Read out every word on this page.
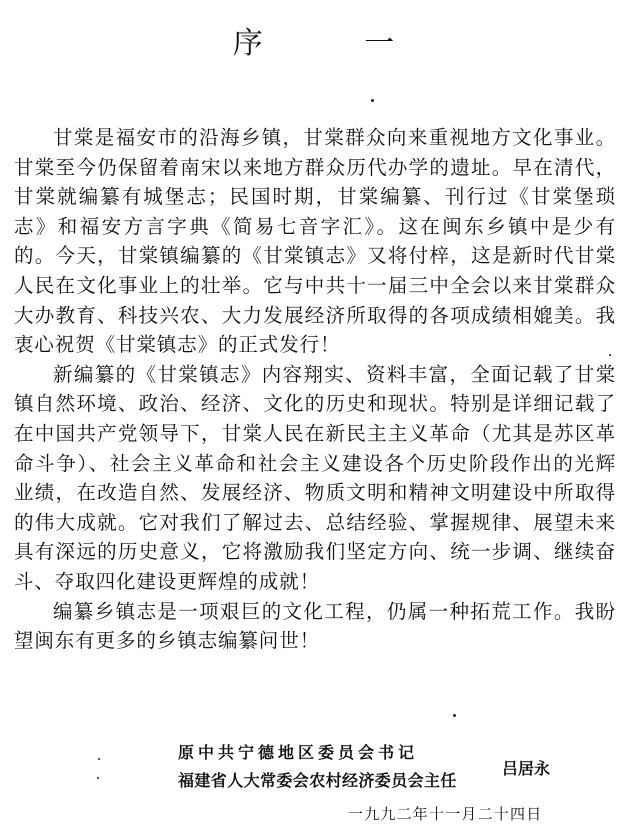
序 一

甘棠是福安市的沿海乡镇，甘棠群众向来重视地方文化事业。甘棠至今仍保留着南宋以来地方群众历代办学的遗址。早在清代，甘棠就编纂有城堡志；民国时期，甘棠编纂、刊行过《甘棠堡琐志》和福安方言字典《简易七音字汇》。这在闽东乡镇中是少有的。今天，甘棠镇编纂的《甘棠镇志》又将付梓，这是新时代甘棠人民在文化事业上的壮举。它与中共十一届三中全会以来甘棠群众大办教育、科技兴农、大力发展经济所取得的各项成绩相媲美。我衷心祝贺《甘棠镇志》的正式发行！

新编纂的《甘棠镇志》内容翔实、资料丰富，全面记载了甘棠镇自然环境、政治、经济、文化的历史和现状。特别是详细记载了在中国共产党领导下，甘棠人民在新民主主义革命（尤其是苏区革命斗争）、社会主义革命和社会主义建设各个历史阶段作出的光辉业绩，在改造自然、发展经济、物质文明和精神文明建设中所取得的伟大成就。它对我们了解过去、总结经验、掌握规律、展望未来具有深远的历史意义，它将激励我们坚定方向、统一步调、继续奋斗、夺取四化建设更辉煌的成就！

编纂乡镇志是一项艰巨的文化工程，仍属一种拓荒工作。我盼望闽东有更多的乡镇志编纂问世！

原中共宁德地区委员会书记
福建省人大常委会农村经济委员会主任
吕居永
一九九二年十一月二十四日
